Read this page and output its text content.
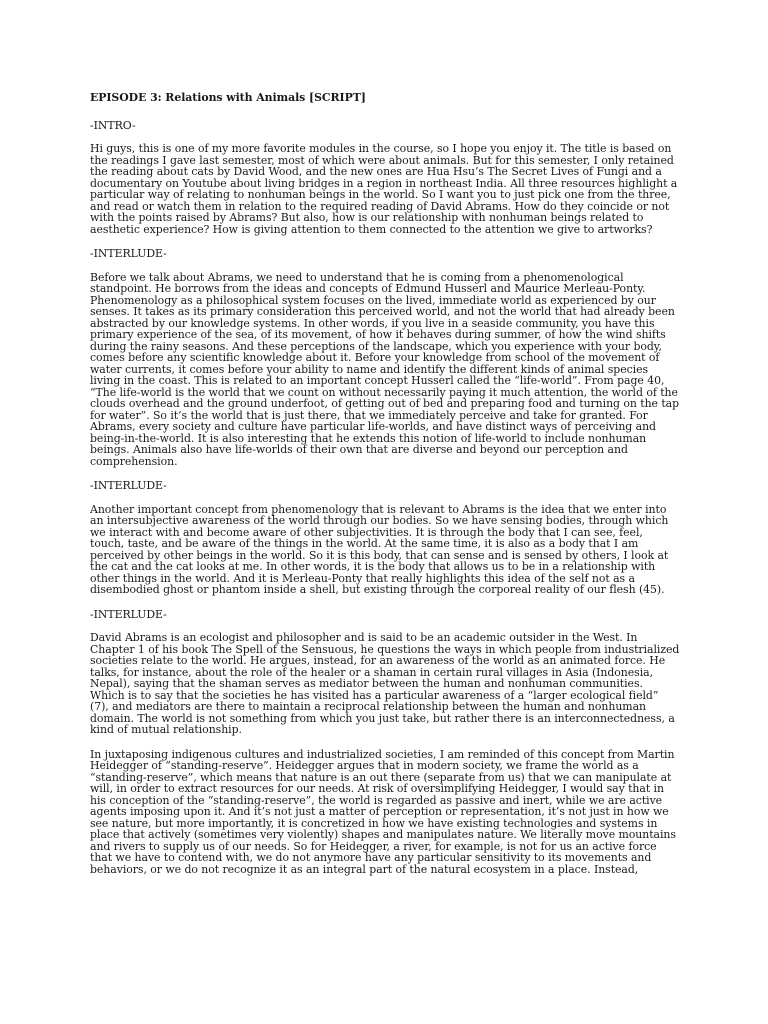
EPISODE 3: Relations with Animals [SCRIPT]

-INTRO-

Hi guys, this is one of my more favorite modules in the course, so I hope you enjoy it. The title is based on the readings I gave last semester, most of which were about animals. But for this semester, I only retained the reading about cats by David Wood, and the new ones are Hua Hsu’s The Secret Lives of Fungi and a documentary on Youtube about living bridges in a region in northeast India. All three resources highlight a particular way of relating to nonhuman beings in the world. So I want you to just pick one from the three, and read or watch them in relation to the required reading of David Abrams. How do they coincide or not with the points raised by Abrams? But also, how is our relationship with nonhuman beings related to aesthetic experience? How is giving attention to them connected to the attention we give to artworks?

-INTERLUDE-

Before we talk about Abrams, we need to understand that he is coming from a phenomenological standpoint. He borrows from the ideas and concepts of Edmund Husserl and Maurice Merleau-Ponty. Phenomenology as a philosophical system focuses on the lived, immediate world as experienced by our senses. It takes as its primary consideration this perceived world, and not the world that had already been abstracted by our knowledge systems. In other words, if you live in a seaside community, you have this primary experience of the sea, of its movement, of how it behaves during summer, of how the wind shifts during the rainy seasons. And these perceptions of the landscape, which you experience with your body, comes before any scientific knowledge about it. Before your knowledge from school of the movement of water currents, it comes before your ability to name and identify the different kinds of animal species living in the coast. This is related to an important concept Husserl called the “life-world”. From page 40, “The life-world is the world that we count on without necessarily paying it much attention, the world of the clouds overhead and the ground underfoot, of getting out of bed and preparing food and turning on the tap for water”. So it’s the world that is just there, that we immediately perceive and take for granted. For Abrams, every society and culture have particular life-worlds, and have distinct ways of perceiving and being-in-the-world. It is also interesting that he extends this notion of life-world to include nonhuman beings. Animals also have life-worlds of their own that are diverse and beyond our perception and comprehension.

-INTERLUDE-

Another important concept from phenomenology that is relevant to Abrams is the idea that we enter into an intersubjective awareness of the world through our bodies. So we have sensing bodies, through which we interact with and become aware of other subjectivities. It is through the body that I can see, feel, touch, taste, and be aware of the things in the world. At the same time, it is also as a body that I am perceived by other beings in the world. So it is this body, that can sense and is sensed by others, I look at the cat and the cat looks at me. In other words, it is the body that allows us to be in a relationship with other things in the world. And it is Merleau-Ponty that really highlights this idea of the self not as a disembodied ghost or phantom inside a shell, but existing through the corporeal reality of our flesh (45).

-INTERLUDE-

David Abrams is an ecologist and philosopher and is said to be an academic outsider in the West. In Chapter 1 of his book The Spell of the Sensuous, he questions the ways in which people from industrialized societies relate to the world. He argues, instead, for an awareness of the world as an animated force. He talks, for instance, about the role of the healer or a shaman in certain rural villages in Asia (Indonesia, Nepal), saying that the shaman serves as mediator between the human and nonhuman communities. Which is to say that the societies he has visited has a particular awareness of a “larger ecological field” (7), and mediators are there to maintain a reciprocal relationship between the human and nonhuman domain. The world is not something from which you just take, but rather there is an interconnectedness, a kind of mutual relationship.

In juxtaposing indigenous cultures and industrialized societies, I am reminded of this concept from Martin Heidegger of “standing-reserve”. Heidegger argues that in modern society, we frame the world as a “standing-reserve”, which means that nature is an out there (separate from us) that we can manipulate at will, in order to extract resources for our needs. At risk of oversimplifying Heidegger, I would say that in his conception of the “standing-reserve”, the world is regarded as passive and inert, while we are active agents imposing upon it. And it’s not just a matter of perception or representation, it’s not just in how we see nature, but more importantly, it is concretized in how we have existing technologies and systems in place that actively (sometimes very violently) shapes and manipulates nature. We literally move mountains and rivers to supply us of our needs. So for Heidegger, a river, for example, is not for us an active force that we have to contend with, we do not anymore have any particular sensitivity to its movements and behaviors, or we do not recognize it as an integral part of the natural ecosystem in a place. Instead,
